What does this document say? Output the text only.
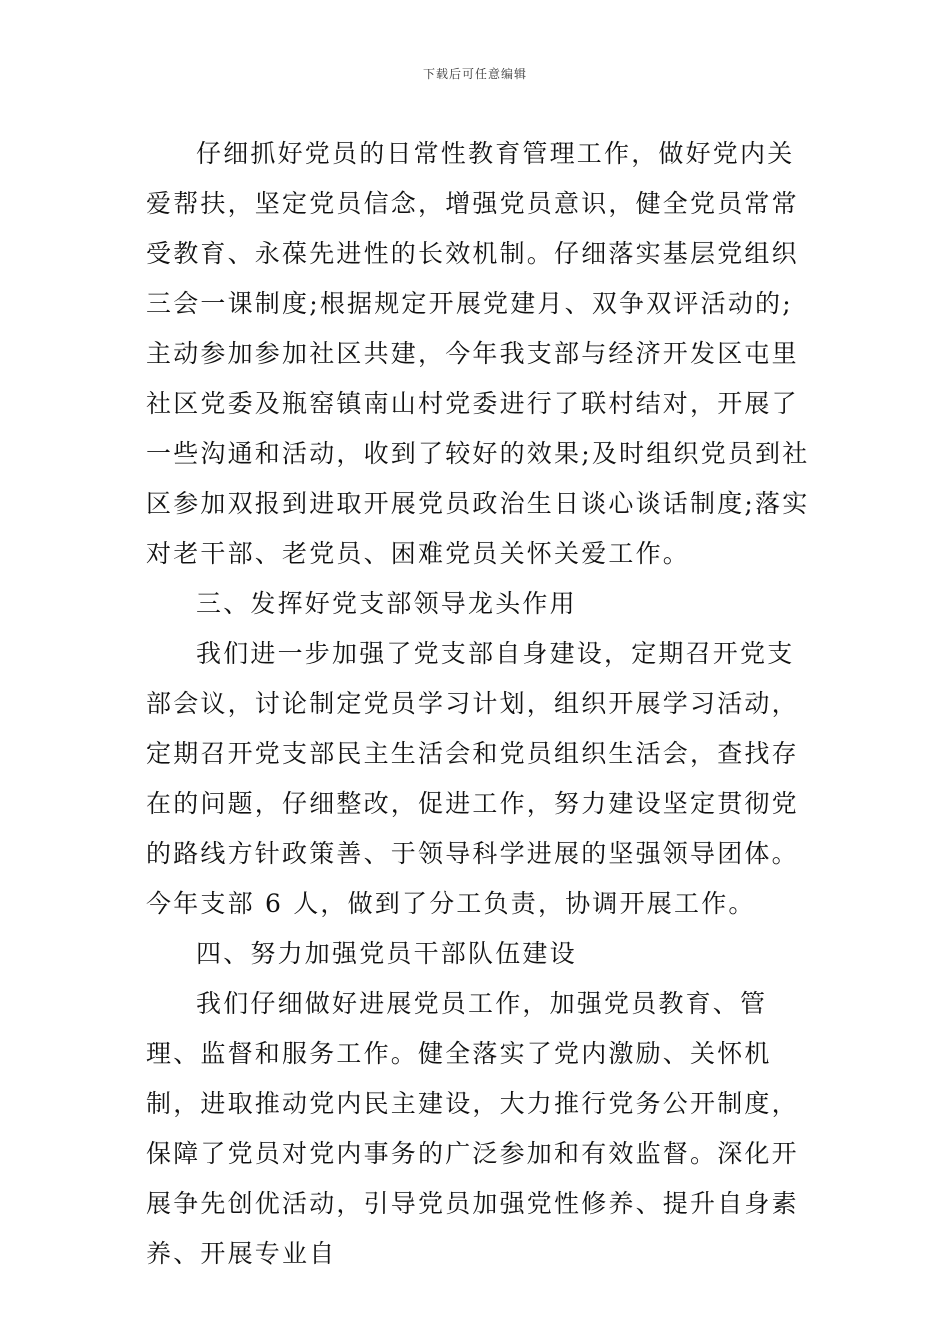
下载后可任意编辑

仔细抓好党员的日常性教育管理工作，做好党内关爱帮扶，坚定党员信念，增强党员意识，健全党员常常受教育、永葆先进性的长效机制。仔细落实基层党组织三会一课制度;根据规定开展党建月、双争双评活动的;主动参加参加社区共建，今年我支部与经济开发区屯里社区党委及瓶窑镇南山村党委进行了联村结对，开展了一些沟通和活动，收到了较好的效果;及时组织党员到社区参加双报到进取开展党员政治生日谈心谈话制度;落实对老干部、老党员、困难党员关怀关爱工作。

三、发挥好党支部领导龙头作用

我们进一步加强了党支部自身建设，定期召开党支部会议，讨论制定党员学习计划，组织开展学习活动，定期召开党支部民主生活会和党员组织生活会，查找存在的问题，仔细整改，促进工作，努力建设坚定贯彻党的路线方针政策善、于领导科学进展的坚强领导团体。今年支部 6 人，做到了分工负责，协调开展工作。

四、努力加强党员干部队伍建设

我们仔细做好进展党员工作，加强党员教育、管理、监督和服务工作。健全落实了党内激励、关怀机制，进取推动党内民主建设，大力推行党务公开制度，保障了党员对党内事务的广泛参加和有效监督。深化开展争先创优活动，引导党员加强党性修养、提升自身素养、开展专业自
